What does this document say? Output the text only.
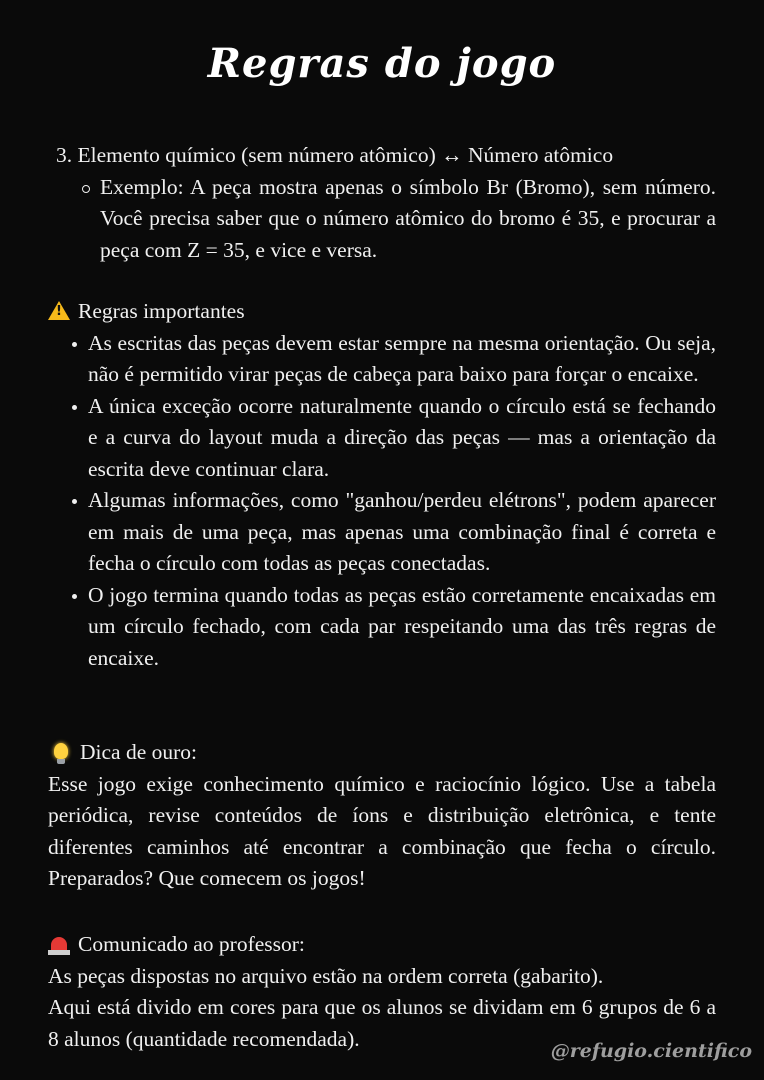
Regras do jogo
3. Elemento químico (sem número atômico) ↔ Número atômico
Exemplo: A peça mostra apenas o símbolo Br (Bromo), sem número. Você precisa saber que o número atômico do bromo é 35, e procurar a peça com Z = 35, e vice e versa.
!
Regras importantes
As escritas das peças devem estar sempre na mesma orientação. Ou seja, não é permitido virar peças de cabeça para baixo para forçar o encaixe.
A única exceção ocorre naturalmente quando o círculo está se fechando e a curva do layout muda a direção das peças — mas a orientação da escrita deve continuar clara.
Algumas informações, como "ganhou/perdeu elétrons", podem aparecer em mais de uma peça, mas apenas uma combinação final é correta e fecha o círculo com todas as peças conectadas.
O jogo termina quando todas as peças estão corretamente encaixadas em um círculo fechado, com cada par respeitando uma das três regras de encaixe.
Dica de ouro:
Esse jogo exige conhecimento químico e raciocínio lógico. Use a tabela periódica, revise conteúdos de íons e distribuição eletrônica, e tente diferentes caminhos até encontrar a combinação que fecha o círculo. Preparados? Que comecem os jogos!
Comunicado ao professor:
As peças dispostas no arquivo estão na ordem correta (gabarito).
Aqui está divido em cores para que os alunos se dividam em 6 grupos de 6 a 8 alunos (quantidade recomendada).
@refugio.cientifico
